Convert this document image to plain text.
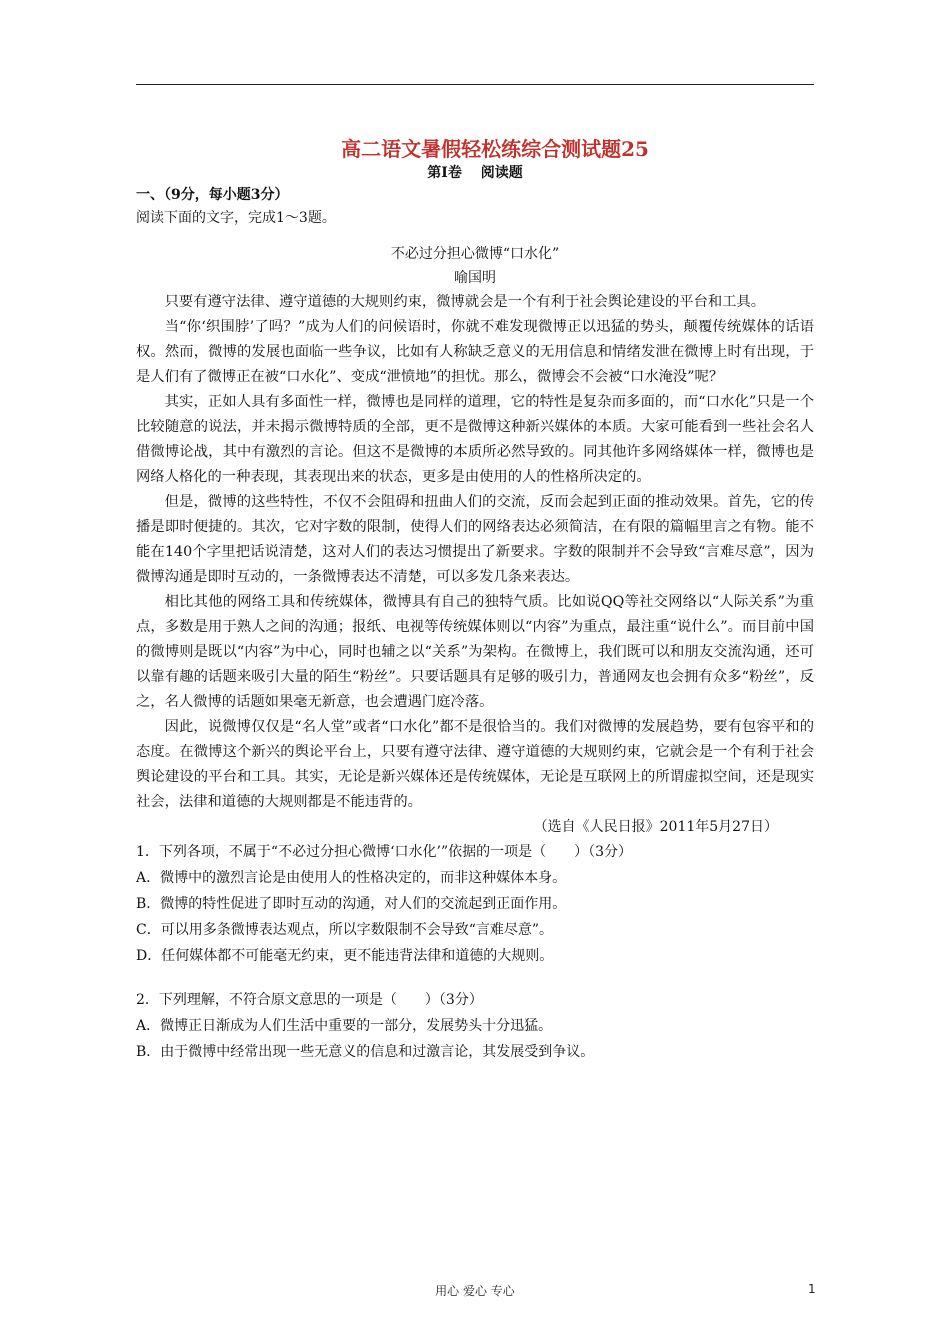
高二语文暑假轻松练综合测试题25
第Ⅰ卷　 阅读题
一、（9分，每小题3分）
阅读下面的文字，完成1～3题。
不必过分担心微博“口水化”
喻国明

只要有遵守法律、遵守道德的大规则约束，微博就会是一个有利于社会舆论建设的平台和工具。

当“你‘织围脖’了吗？”成为人们的问候语时，你就不难发现微博正以迅猛的势头，颠覆传统媒体的话语权。然而，微博的发展也面临一些争议，比如有人称缺乏意义的无用信息和情绪发泄在微博上时有出现，于是人们有了微博正在被“口水化”、变成“泄愤地”的担忧。那么，微博会不会被“口水淹没”呢？

其实，正如人具有多面性一样，微博也是同样的道理，它的特性是复杂而多面的，而“口水化”只是一个比较随意的说法，并未揭示微博特质的全部，更不是微博这种新兴媒体的本质。大家可能看到一些社会名人借微博论战，其中有激烈的言论。但这不是微博的本质所必然导致的。同其他许多网络媒体一样，微博也是网络人格化的一种表现，其表现出来的状态，更多是由使用的人的性格所决定的。

但是，微博的这些特性，不仅不会阻碍和扭曲人们的交流，反而会起到正面的推动效果。首先，它的传播是即时便捷的。其次，它对字数的限制，使得人们的网络表达必须简洁，在有限的篇幅里言之有物。能不能在140个字里把话说清楚，这对人们的表达习惯提出了新要求。字数的限制并不会导致“言难尽意”，因为微博沟通是即时互动的，一条微博表达不清楚，可以多发几条来表达。

相比其他的网络工具和传统媒体，微博具有自己的独特气质。比如说QQ等社交网络以“人际关系”为重点，多数是用于熟人之间的沟通；报纸、电视等传统媒体则以“内容”为重点，最注重“说什么”。而目前中国的微博则是既以“内容”为中心，同时也辅之以“关系”为架构。在微博上，我们既可以和朋友交流沟通，还可以靠有趣的话题来吸引大量的陌生“粉丝”。只要话题具有足够的吸引力，普通网友也会拥有众多“粉丝”，反之，名人微博的话题如果毫无新意，也会遭遇门庭冷落。

因此，说微博仅仅是“名人堂”或者“口水化”都不是很恰当的。我们对微博的发展趋势，要有包容平和的态度。在微博这个新兴的舆论平台上，只要有遵守法律、遵守道德的大规则约束，它就会是一个有利于社会舆论建设的平台和工具。其实，无论是新兴媒体还是传统媒体，无论是互联网上的所谓虚拟空间，还是现实社会，法律和道德的大规则都是不能违背的。

（选自《人民日报》2011年5月27日）
1．下列各项，不属于“不必过分担心微博‘口水化’”依据的一项是（　　）（3分）
A．微博中的激烈言论是由使用人的性格决定的，而非这种媒体本身。
B．微博的特性促进了即时互动的沟通，对人们的交流起到正面作用。
C．可以用多条微博表达观点，所以字数限制不会导致“言难尽意”。
D．任何媒体都不可能毫无约束，更不能违背法律和道德的大规则。
2．下列理解，不符合原文意思的一项是（　　）（3分）
A．微博正日渐成为人们生活中重要的一部分，发展势头十分迅猛。
B．由于微博中经常出现一些无意义的信息和过激言论，其发展受到争议。
用心 爱心 专心	1
